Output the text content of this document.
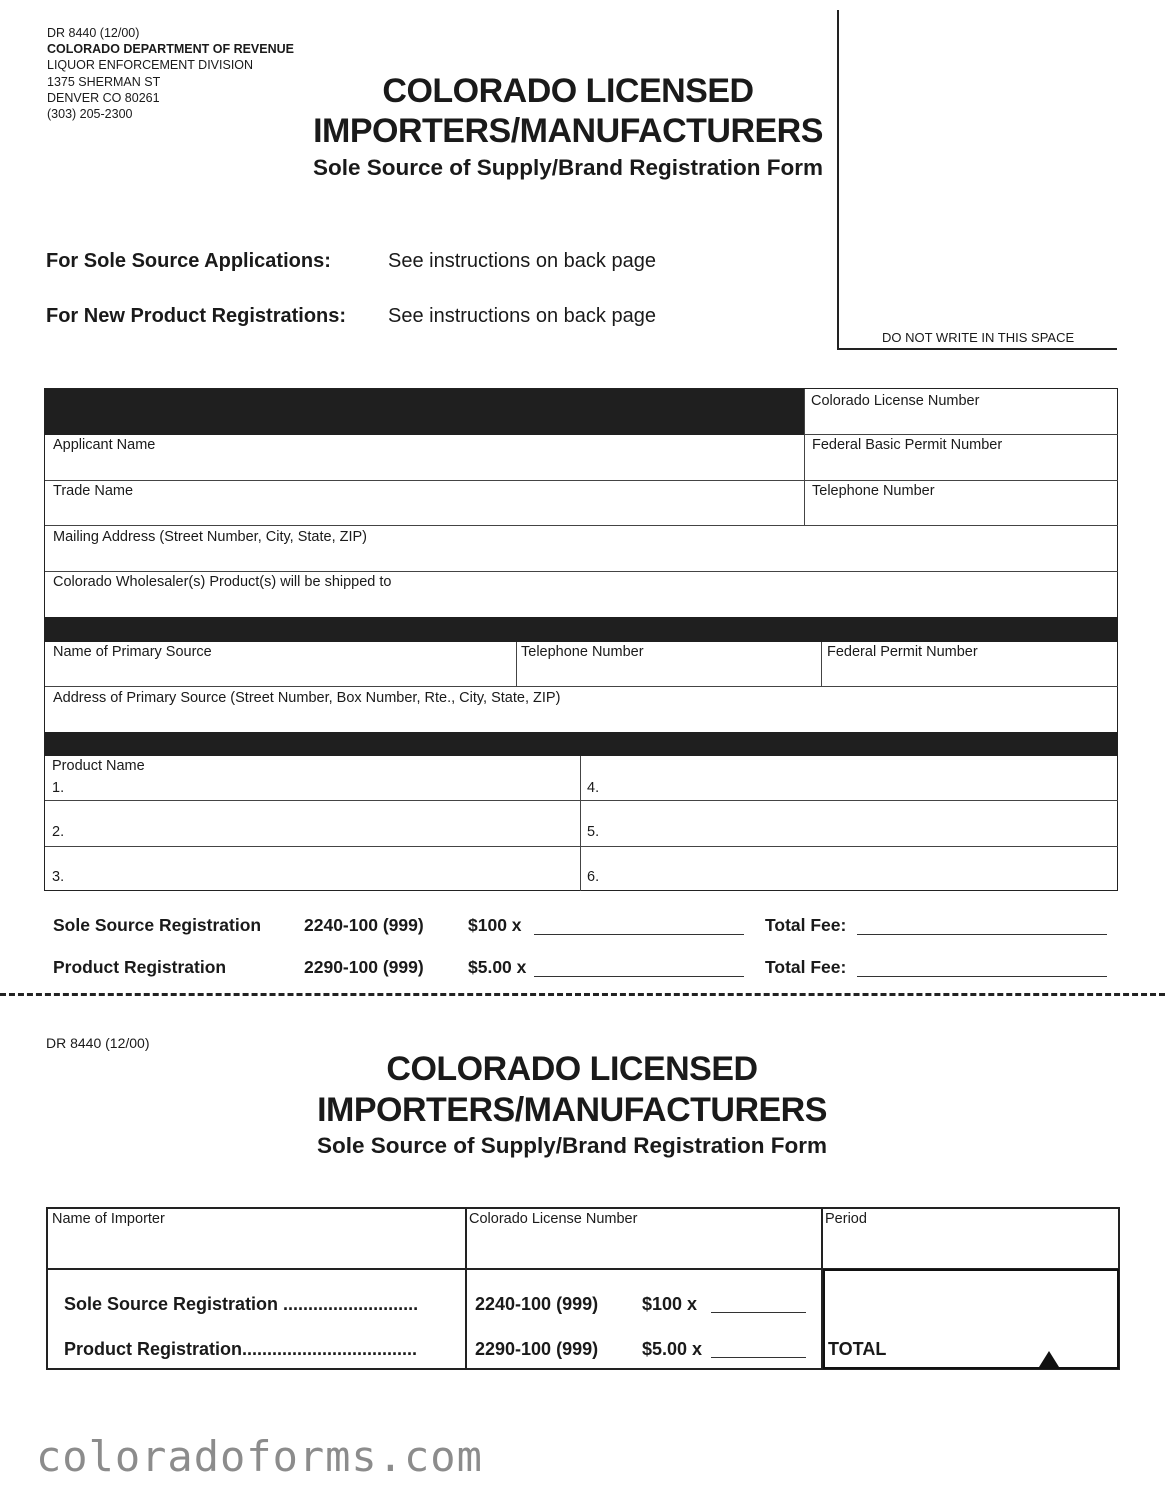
DR 8440 (12/00)
COLORADO DEPARTMENT OF REVENUE
LIQUOR ENFORCEMENT DIVISION
1375 SHERMAN ST
DENVER CO 80261
(303) 205-2300
COLORADO LICENSED
IMPORTERS/MANUFACTURERS
Sole Source of Supply/Brand Registration Form
DO NOT WRITE IN THIS SPACE
For Sole Source Applications:	See instructions on back page
For New Product Registrations: See instructions on back page
Colorado License Number
Applicant Name	Federal Basic Permit Number
Trade Name	Telephone Number
Mailing Address (Street Number, City, State, ZIP)
Colorado Wholesaler(s) Product(s) will be shipped to
Name of Primary Source	Telephone Number	Federal Permit Number
Address of Primary Source (Street Number, Box Number, Rte., City, State, ZIP)
Product Name
1.
2.
3.
4.
5.
6.
Sole Source Registration 2240-100 (999)	$100 x	Total Fee:
Product Registration	2290-100 (999)	$5.00 x	Total Fee:
DR 8440 (12/00)
COLORADO LICENSED
IMPORTERS/MANUFACTURERS
Sole Source of Supply/Brand Registration Form
Name of Importer	Colorado License Number	Period
Sole Source Registration ...........................	2240-100 (999) $100 x
Product Registration...................................	2290-100 (999) $5.00 x	TOTAL
coloradoforms.com
